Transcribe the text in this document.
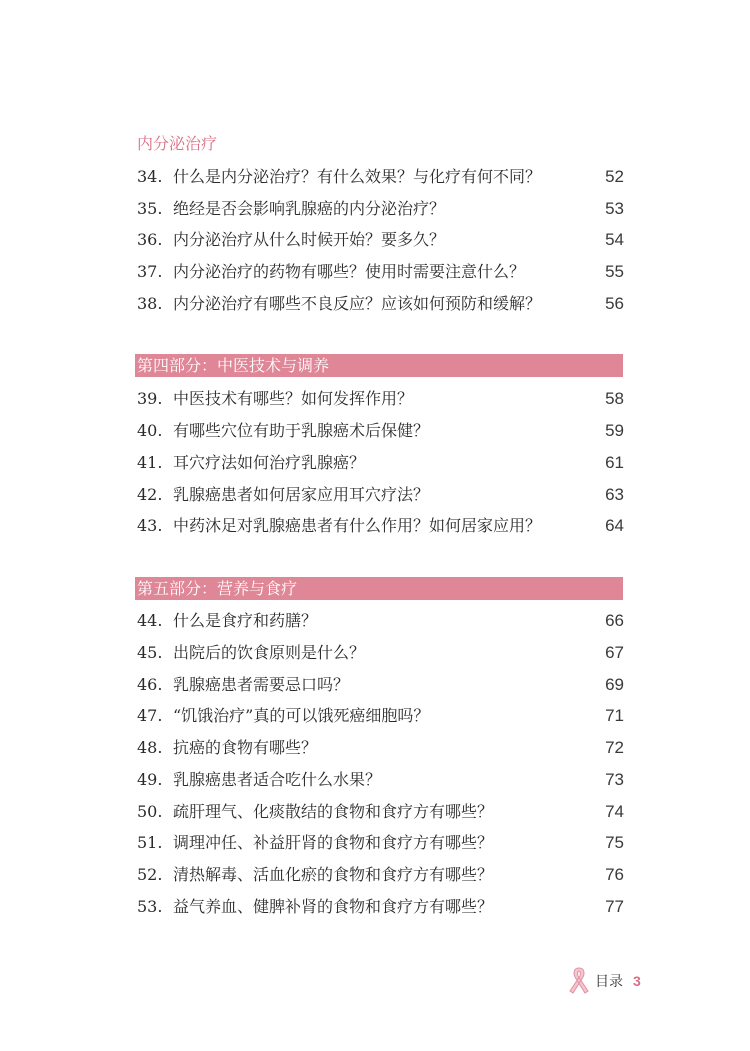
内分泌治疗
34. 什么是内分泌治疗？有什么效果？与化疗有何不同？	52
35. 绝经是否会影响乳腺癌的内分泌治疗？	53
36. 内分泌治疗从什么时候开始？要多久？	54
37. 内分泌治疗的药物有哪些？使用时需要注意什么？	55
38. 内分泌治疗有哪些不良反应？应该如何预防和缓解？	56
第四部分：中医技术与调养
39. 中医技术有哪些？如何发挥作用？	58
40. 有哪些穴位有助于乳腺癌术后保健？	59
41. 耳穴疗法如何治疗乳腺癌？	61
42. 乳腺癌患者如何居家应用耳穴疗法？	63
43. 中药沐足对乳腺癌患者有什么作用？如何居家应用？	64
第五部分：营养与食疗
44. 什么是食疗和药膳？	66
45. 出院后的饮食原则是什么？	67
46. 乳腺癌患者需要忌口吗？	69
47. “饥饿治疗”真的可以饿死癌细胞吗？	71
48. 抗癌的食物有哪些？	72
49. 乳腺癌患者适合吃什么水果？	73
50. 疏肝理气、化痰散结的食物和食疗方有哪些？	74
51. 调理冲任、补益肝肾的食物和食疗方有哪些？	75
52. 清热解毒、活血化瘀的食物和食疗方有哪些？	76
53. 益气养血、健脾补肾的食物和食疗方有哪些？	77
目录 3
